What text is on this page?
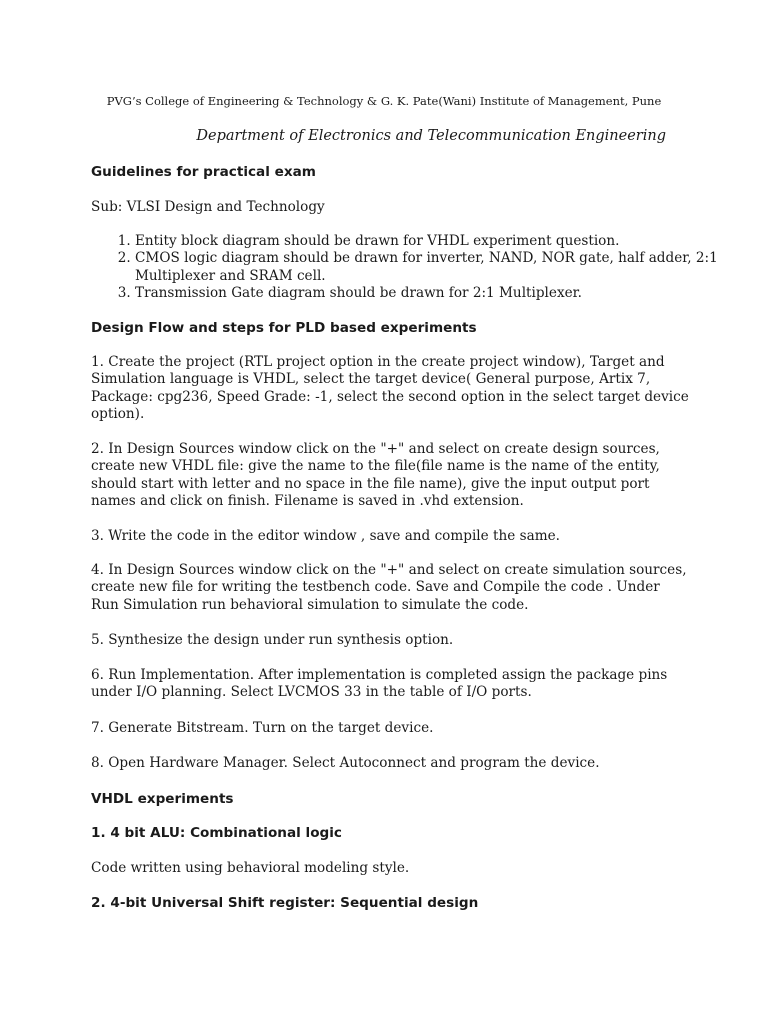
PVG’s College of Engineering & Technology & G. K. Pate(Wani) Institute of Management, Pune
Department of Electronics and Telecommunication Engineering
Guidelines for practical exam
Sub: VLSI Design and Technology
1. Entity block diagram should be drawn for VHDL experiment question.
2. CMOS logic diagram should be drawn for inverter, NAND, NOR gate, half adder, 2:1 Multiplexer and SRAM cell.
3. Transmission Gate diagram should be drawn for 2:1 Multiplexer.
Design Flow and steps for PLD based experiments
1. Create the project (RTL project option in the create project window), Target and Simulation language is VHDL, select the target device( General purpose, Artix 7, Package: cpg236, Speed Grade: -1, select the second option in the select target device option).
2. In Design Sources window click on the "+" and select on create design sources, create new VHDL file: give the name to the file(file name is the name of the entity, should start with letter and no space in the file name), give the input output port names and click on finish. Filename is saved in .vhd extension.
3. Write the code in the editor window , save and compile the same.
4. In Design Sources window click on the "+" and select on create simulation sources, create new file for writing the testbench code. Save and Compile the code . Under Run Simulation run behavioral simulation to simulate the code.
5. Synthesize the design under run synthesis option.
6. Run Implementation. After implementation is completed assign the package pins under I/O planning. Select LVCMOS 33 in the table of I/O ports.
7. Generate Bitstream. Turn on the target device.
8. Open Hardware Manager. Select Autoconnect and program the device.
VHDL experiments
1. 4 bit ALU: Combinational logic
Code written using behavioral modeling style.
2. 4-bit Universal Shift register: Sequential design
